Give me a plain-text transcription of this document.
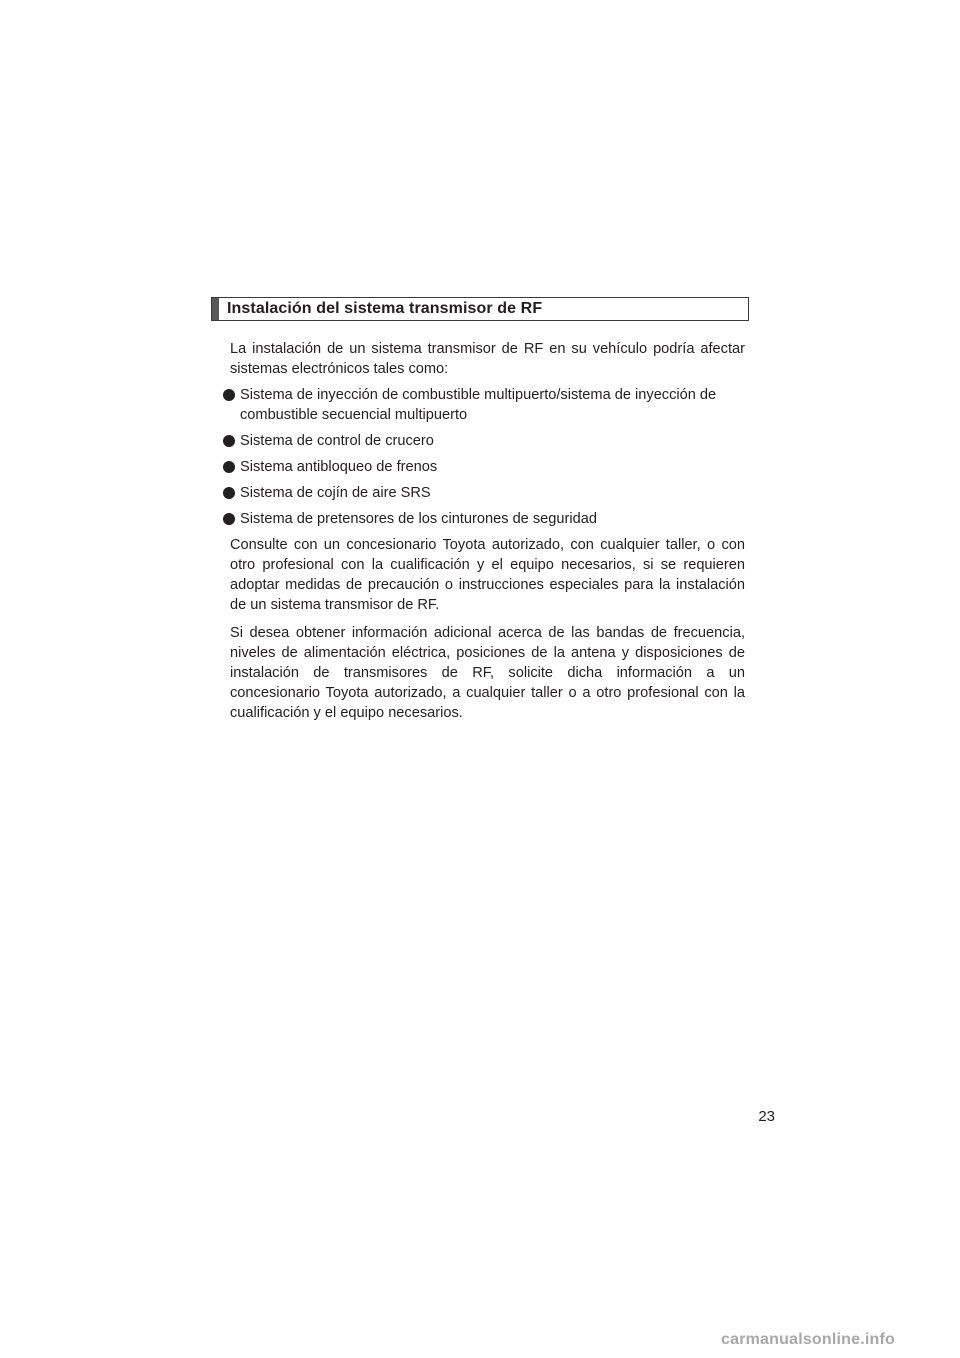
Instalación del sistema transmisor de RF

La instalación de un sistema transmisor de RF en su vehículo podría afectar sistemas electrónicos tales como:

Sistema de inyección de combustible multipuerto/sistema de inyección de combustible secuencial multipuerto
Sistema de control de crucero
Sistema antibloqueo de frenos
Sistema de cojín de aire SRS
Sistema de pretensores de los cinturones de seguridad

Consulte con un concesionario Toyota autorizado, con cualquier taller, o con otro profesional con la cualificación y el equipo necesarios, si se requieren adoptar medidas de precaución o instrucciones especiales para la instalación de un sistema transmisor de RF.

Si desea obtener información adicional acerca de las bandas de frecuencia, niveles de alimentación eléctrica, posiciones de la antena y disposiciones de instalación de transmisores de RF, solicite dicha información a un concesionario Toyota autorizado, a cualquier taller o a otro profesional con la cualificación y el equipo necesarios.

23
carmanualsonline.info
